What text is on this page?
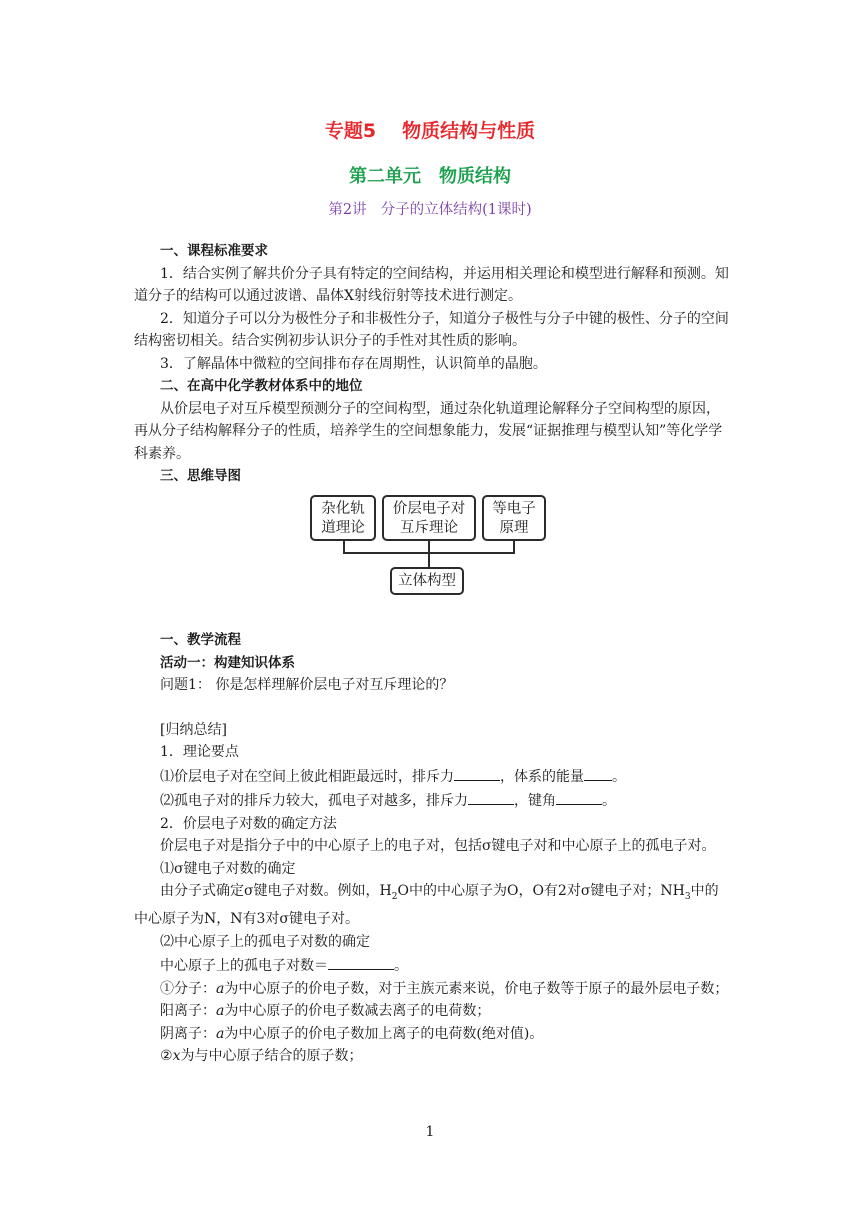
专题5 物质结构与性质
第二单元 物质结构
第2讲 分子的立体结构(1课时)

一、课程标准要求

1．结合实例了解共价分子具有特定的空间结构，并运用相关理论和模型进行解释和预测。知道分子的结构可以通过波谱、晶体X射线衍射等技术进行测定。

2．知道分子可以分为极性分子和非极性分子，知道分子极性与分子中键的极性、分子的空间结构密切相关。结合实例初步认识分子的手性对其性质的影响。

3．了解晶体中微粒的空间排布存在周期性，认识简单的晶胞。

二、在高中化学教材体系中的地位

从价层电子对互斥模型预测分子的空间构型，通过杂化轨道理论解释分子空间构型的原因，再从分子结构解释分子的性质，培养学生的空间想象能力，发展“证据推理与模型认知”等化学学科素养。

三、思维导图

杂化轨
道理论
价层电子对
互斥理论
等电子
原理
立体构型

一、教学流程

活动一：构建知识体系

问题1： 你是怎样理解价层电子对互斥理论的？

[归纳总结]

1．理论要点

⑴价层电子对在空间上彼此相距最远时，排斥力	，体系的能量 。

⑵孤电子对的排斥力较大，孤电子对越多，排斥力	，键角	。

2．价层电子对数的确定方法

价层电子对是指分子中的中心原子上的电子对，包括σ键电子对和中心原子上的孤电子对。

⑴σ键电子对数的确定

由分子式确定σ键电子对数。例如，$H_2O$中的中心原子为O，O有2对σ键电子对；$NH_3$中的中心原子为N，N有3对σ键电子对。

⑵中心原子上的孤电子对数的确定

中心原子上的孤电子对数＝	。

①分子：a为中心原子的价电子数，对于主族元素来说，价电子数等于原子的最外层电子数；

阳离子：a为中心原子的价电子数减去离子的电荷数；

阴离子：a为中心原子的价电子数加上离子的电荷数(绝对值)。

②x为与中心原子结合的原子数；

1
